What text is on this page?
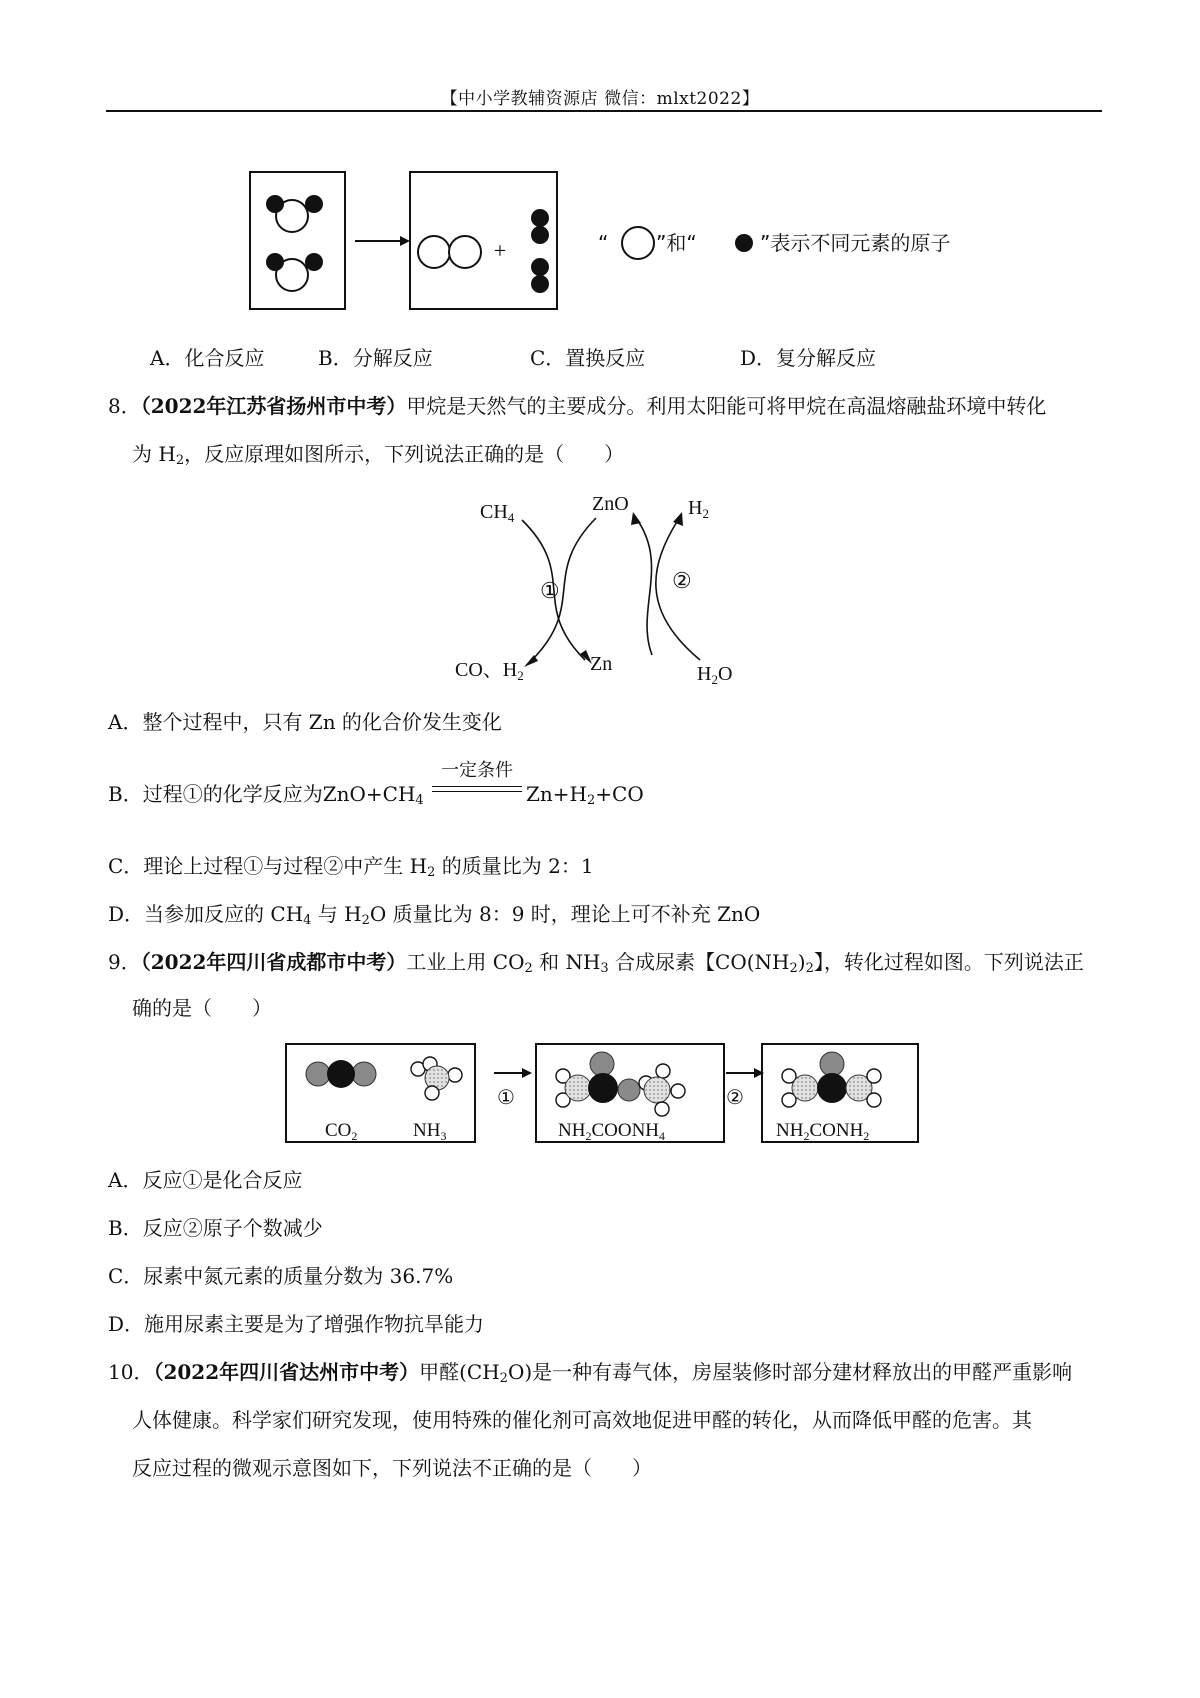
【中小学教辅资源店 微信：mlxt2022】
+	“ ”和“	”表示不同元素的原子
A．化合反应	B．分解反应	C．置换反应	D．复分解反应
8．（2022年江苏省扬州市中考）甲烷是天然气的主要成分。利用太阳能可将甲烷在高温熔融盐环境中转化
为 $H_2$，反应原理如图所示，下列说法正确的是（　　）
$CH_4$
ZnO	$H_2$
CO、$H_2$
Zn	$H_2O$
①	②
A．整个过程中，只有 Zn 的化合价发生变化
B．过程①的化学反应为$ZnO+CH_4$
一定条件
$Zn+H_2+CO$
C．理论上过程①与过程②中产生 $H_2$ 的质量比为 2：1
D．当参加反应的 $CH_4$ 与 $H_2O$ 质量比为 8：9 时，理论上可不补充 ZnO
9．（2022年四川省成都市中考）工业上用 $CO_2$ 和 $NH_3$ 合成尿素【$CO(NH_2)_2$】，转化过程如图。下列说法正
确的是（　　）
$CO_2$	$NH_3$
①
$NH_2COONH_4$
②
$NH_2CONH_2$
A．反应①是化合反应
B．反应②原子个数减少
C．尿素中氮元素的质量分数为 36.7%
D．施用尿素主要是为了增强作物抗旱能力
10．（2022年四川省达州市中考）甲醛$(CH_2O)$是一种有毒气体，房屋装修时部分建材释放出的甲醛严重影响
人体健康。科学家们研究发现，使用特殊的催化剂可高效地促进甲醛的转化，从而降低甲醛的危害。其
反应过程的微观示意图如下，下列说法不正确的是（　　）
